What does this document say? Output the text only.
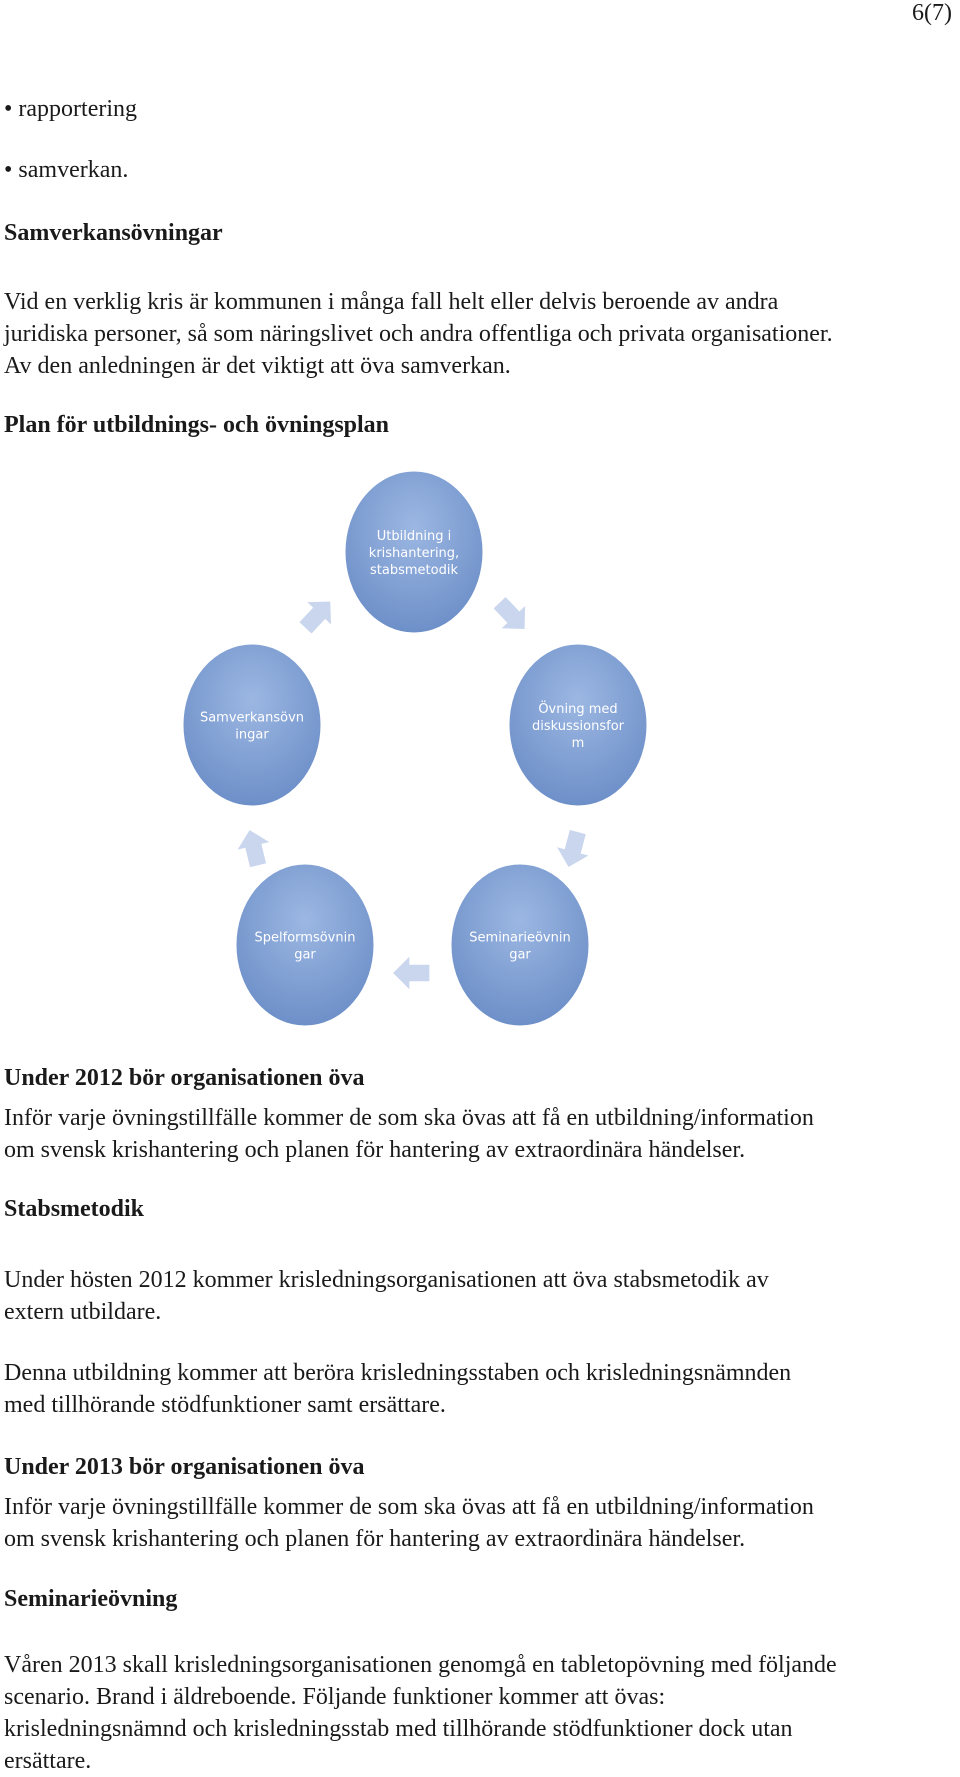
6(7)
• rapportering
• samverkan.
Samverkansövningar

Vid en verklig kris är kommunen i många fall helt eller delvis beroende av andra
juridiska personer, så som näringslivet och andra offentliga och privata organisationer.
Av den anledningen är det viktigt att öva samverkan.

Plan för utbildnings- och övningsplan
Utbildning i
krishantering,
stabsmetodik
Övning med
diskussionsfor
m
Seminarieövnin
gar
Spelformsövnin
gar
Samverkansövn
ingar
Under 2012 bör organisationen öva

Inför varje övningstillfälle kommer de som ska övas att få en utbildning/information
om svensk krishantering och planen för hantering av extraordinära händelser.

Stabsmetodik

Under hösten 2012 kommer krisledningsorganisationen att öva stabsmetodik av
extern utbildare.

Denna utbildning kommer att beröra krisledningsstaben och krisledningsnämnden
med tillhörande stödfunktioner samt ersättare.

Under 2013 bör organisationen öva

Inför varje övningstillfälle kommer de som ska övas att få en utbildning/information
om svensk krishantering och planen för hantering av extraordinära händelser.

Seminarieövning

Våren 2013 skall krisledningsorganisationen genomgå en tabletopövning med följande
scenario. Brand i äldreboende. Följande funktioner kommer att övas:
krisledningsnämnd och krisledningsstab med tillhörande stödfunktioner dock utan
ersättare.
